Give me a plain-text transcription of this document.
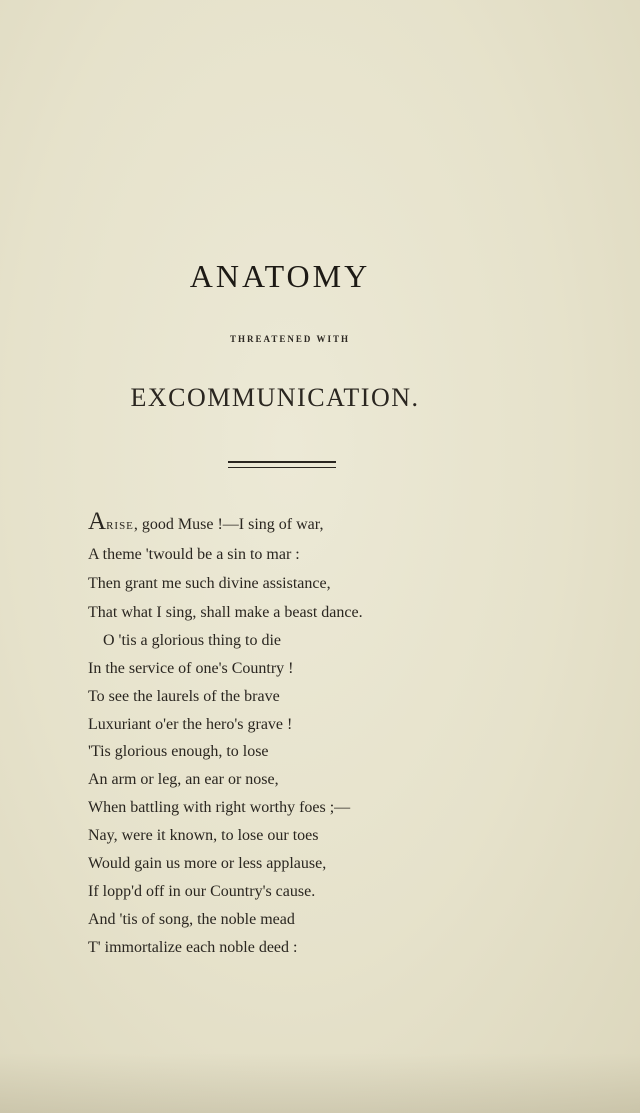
ANATOMY
THREATENED WITH
EXCOMMUNICATION.
ARISE, good Muse !—I sing of war,
A theme 'twould be a sin to mar :
Then grant me such divine assistance,
That what I sing, shall make a beast dance.
O 'tis a glorious thing to die
In the service of one's Country !
To see the laurels of the brave
Luxuriant o'er the hero's grave !
'Tis glorious enough, to lose
An arm or leg, an ear or nose,
When battling with right worthy foes ;—
Nay, were it known, to lose our toes
Would gain us more or less applause,
If lopp'd off in our Country's cause.
And 'tis of song, the noble mead
T' immortalize each noble deed :
